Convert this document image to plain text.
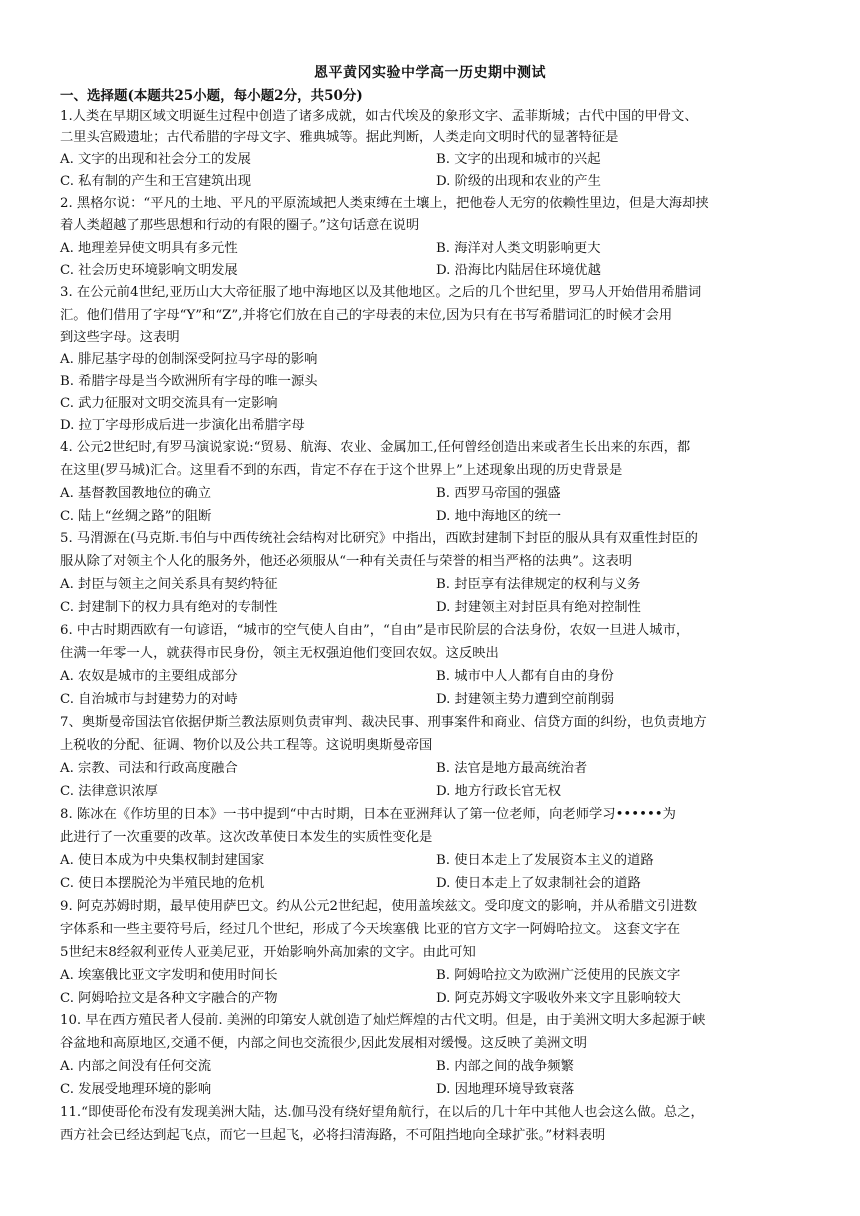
恩平黄冈实验中学高一历史期中测试
一、选择题(本题共25小题，每小题2分，共50分)
1.人类在早期区域文明诞生过程中创造了诸多成就，如古代埃及的象形文字、孟菲斯城；古代中国的甲骨文、
二里头宫殿遗址；古代希腊的字母文字、雅典城等。据此判断，人类走向文明时代的显著特征是
A. 文字的出现和社会分工的发展	B. 文字的出现和城市的兴起
C. 私有制的产生和王宫建筑出现	D. 阶级的出现和农业的产生
2. 黑格尔说：“平凡的土地、平凡的平原流域把人类束缚在土壤上，把他卷人无穷的依赖性里边，但是大海却挟
着人类超越了那些思想和行动的有限的圈子。”这句话意在说明
A. 地理差异使文明具有多元性	B. 海洋对人类文明影响更大
C. 社会历史环境影响文明发展	D. 沿海比内陆居住环境优越
3. 在公元前4世纪,亚历山大大帝征服了地中海地区以及其他地区。之后的几个世纪里，罗马人开始借用希腊词
汇。他们借用了字母“Y”和“Z”,并将它们放在自己的字母表的末位,因为只有在书写希腊词汇的时候才会用
到这些字母。这表明
A. 腓尼基字母的创制深受阿拉马字母的影响
B. 希腊字母是当今欧洲所有字母的唯一源头
C. 武力征服对文明交流具有一定影响
D. 拉丁字母形成后进一步演化出希腊字母
4. 公元2世纪时,有罗马演说家说:“贸易、航海、农业、金属加工,任何曾经创造出来或者生长出来的东西，都
在这里(罗马城)汇合。这里看不到的东西，肯定不存在于这个世界上”上述现象出现的历史背景是
A. 基督教国教地位的确立	B. 西罗马帝国的强盛
C. 陆上“丝绸之路”的阻断	D. 地中海地区的统一
5. 马渭源在(马克斯.韦伯与中西传统社会结构对比研究》中指出，西欧封建制下封臣的服从具有双重性封臣的
服从除了对领主个人化的服务外，他还必须服从“一种有关责任与荣誉的相当严格的法典”。这表明
A. 封臣与领主之间关系具有契约特征	B. 封臣享有法律规定的权利与义务
C. 封建制下的权力具有绝对的专制性	D. 封建领主对封臣具有绝对控制性
6. 中古时期西欧有一句谚语，“城市的空气使人自由”，“自由”是市民阶层的合法身份，农奴一旦进人城市，
住满一年零一人，就获得市民身份，领主无权强迫他们变回农奴。这反映出
A. 农奴是城市的主要组成部分	B. 城市中人人都有自由的身份
C. 自治城市与封建势力的对峙	D. 封建领主势力遭到空前削弱
7、奥斯曼帝国法官依据伊斯兰教法原则负责审判、裁决民事、刑事案件和商业、信贷方面的纠纷，也负责地方
上税收的分配、征调、物价以及公共工程等。这说明奥斯曼帝国
A. 宗教、司法和行政高度融合	B. 法官是地方最高统治者
C. 法律意识浓厚	D. 地方行政长官无权
8. 陈冰在《作坊里的日本》一书中提到“中古时期，日本在亚洲拜认了第一位老师，向老师学习••••••为
此进行了一次重要的改革。这次改革使日本发生的实质性变化是
A. 使日本成为中央集权制封建国家	B. 使日本走上了发展资本主义的道路
C. 使日本摆脱沦为半殖民地的危机	D. 使日本走上了奴隶制社会的道路
9. 阿克苏姆时期，最早使用萨巴文。约从公元2世纪起，使用盖埃兹文。受印度文的影响，并从希腊文引进数
字体系和一些主要符号后，经过几个世纪，形成了今天埃塞俄 比亚的官方文字一阿姆哈拉文。 这套文字在
5世纪末8经叙利亚传人亚美尼亚，开始影响外高加索的文字。由此可知
A. 埃塞俄比亚文字发明和使用时间长	B. 阿姆哈拉文为欧洲广泛使用的民族文字
C. 阿姆哈拉文是各种文字融合的产物	D. 阿克苏姆文字吸收外来文字且影响较大
10. 早在西方殖民者人侵前. 美洲的印第安人就创造了灿烂辉煌的古代文明。但是，由于美洲文明大多起源于峡
谷盆地和高原地区,交通不便，内部之间也交流很少,因此发展相对缓慢。这反映了美洲文明
A. 内部之间没有任何交流	B. 内部之间的战争频繁
C. 发展受地理环境的影响	D. 因地理环境导致衰落
11.“即使哥伦布没有发现美洲大陆，达.伽马没有绕好望角航行，在以后的几十年中其他人也会这么做。总之，
西方社会已经达到起飞点，而它一旦起飞，必将扫清海路，不可阻挡地向全球扩张。”材料表明
